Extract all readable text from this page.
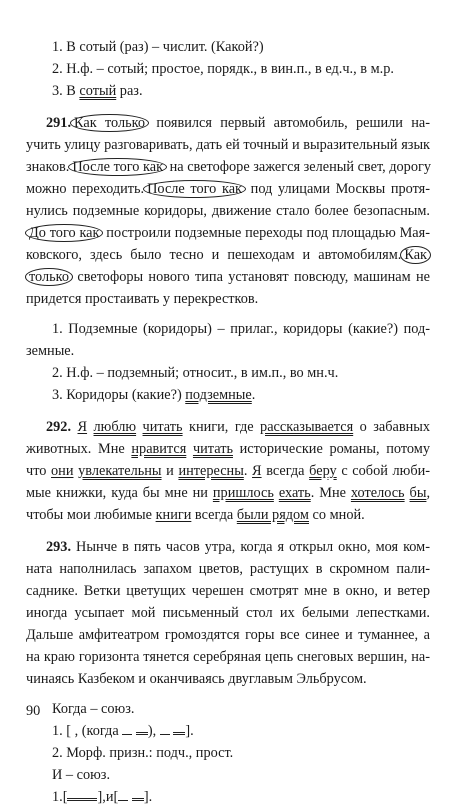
1. В сотый (раз) – числит. (Какой?)
2. Н.ф. – сотый; простое, порядк., в вин.п., в ед.ч., в м.р.
3. В сотый раз.
291. Как только появился первый автомобиль, решили на-
учить улицу разговаривать, дать ей точный и выразительный язык
знаков. После того как на светофоре зажегся зеленый свет, дорогу
можно переходить. После того как под улицами Москвы протя-
нулись подземные коридоры, движение стало более безопасным.
До того как построили подземные переходы под площадью Мая-
ковского, здесь было тесно и пешеходам и автомобилям. Как
только светофоры нового типа установят повсюду, машинам не
придется простаивать у перекрестков.
1. Подземные (коридоры) – прилаг., коридоры (какие?) под-
земные.
2. Н.ф. – подземный; относит., в им.п., во мн.ч.
3. Коридоры (какие?) подземные.
292. Я люблю читать книги, где рассказывается о забавных
животных. Мне нравится читать исторические романы, потому
что они увлекательны и интересны. Я всегда беру с собой люби-
мые книжки, куда бы мне ни пришлось ехать. Мне хотелось бы,
чтобы мои любимые книги всегда были рядом со мной.
293. Нынче в пять часов утра, когда я открыл окно, моя ком-
ната наполнилась запахом цветов, растущих в скромном пали-
саднике. Ветки цветущих черешен смотрят мне в окно, и ветер
иногда усыпает мой письменный стол их белыми лепестками.
Дальше амфитеатром громоздятся горы все синее и туманнее, а
на краю горизонта тянется серебряная цепь снеговых вершин, на-
чинаясь Казбеком и оканчиваясь двуглавым Эльбрусом.
Когда – союз.
1. [ , (когда  ),  ].
2. Морф. призн.: подч., прост.
И – союз.
1.[ ],и[ ].
90
